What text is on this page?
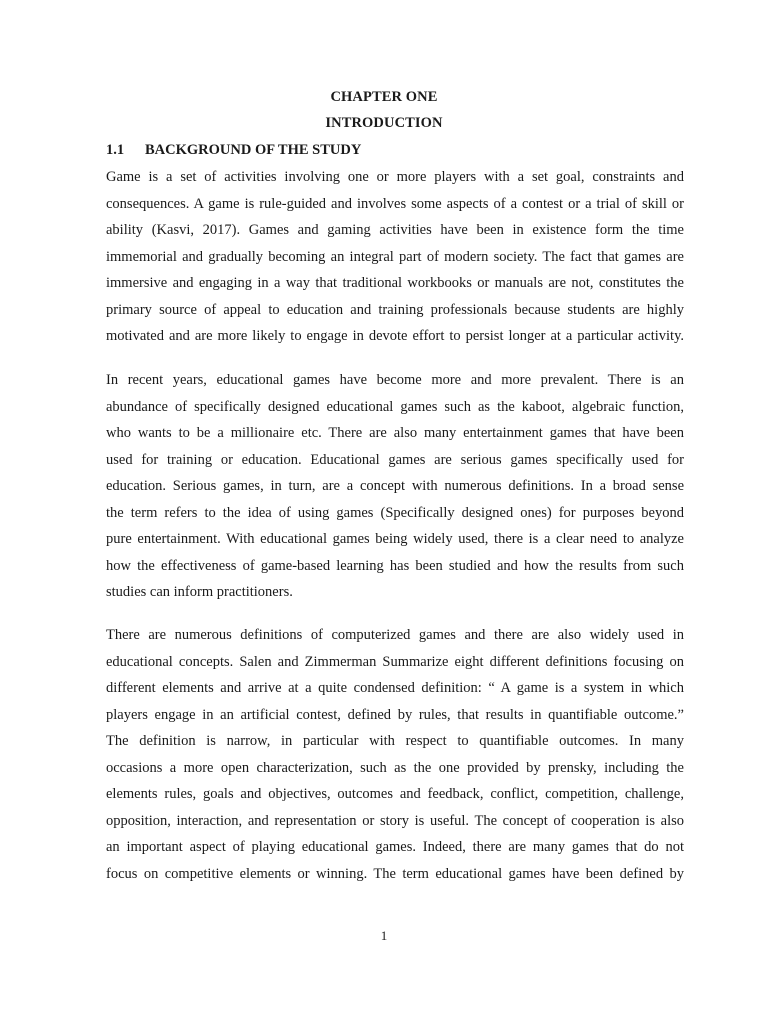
CHAPTER ONE
INTRODUCTION
1.1 BACKGROUND OF THE STUDY
Game is a set of activities involving one or more players with a set goal, constraints and
consequences. A game is rule-guided and involves some aspects of a contest or a trial of skill or
ability (Kasvi, 2017). Games and gaming activities have been in existence form the time
immemorial and gradually becoming an integral part of modern society. The fact that games are
immersive and engaging in a way that traditional workbooks or manuals are not, constitutes the
primary source of appeal to education and training professionals because students are highly
motivated and are more likely to engage in devote effort to persist longer at a particular activity.
In recent years, educational games have become more and more prevalent. There is an
abundance of specifically designed educational games such as the kaboot, algebraic function,
who wants to be a millionaire etc. There are also many entertainment games that have been
used for training or education. Educational games are serious games specifically used for
education. Serious games, in turn, are a concept with numerous definitions. In a broad sense
the term refers to the idea of using games (Specifically designed ones) for purposes beyond
pure entertainment. With educational games being widely used, there is a clear need to analyze
how the effectiveness of game-based learning has been studied and how the results from such
studies can inform practitioners.
There are numerous definitions of computerized games and there are also widely used in
educational concepts. Salen and Zimmerman Summarize eight different definitions focusing on
different elements and arrive at a quite condensed definition: “ A game is a system in which
players engage in an artificial contest, defined by rules, that results in quantifiable outcome.”
The definition is narrow, in particular with respect to quantifiable outcomes. In many
occasions a more open characterization, such as the one provided by prensky, including the
elements rules, goals and objectives, outcomes and feedback, conflict, competition, challenge,
opposition, interaction, and representation or story is useful. The concept of cooperation is also
an important aspect of playing educational games. Indeed, there are many games that do not
focus on competitive elements or winning. The term educational games have been defined by
1
